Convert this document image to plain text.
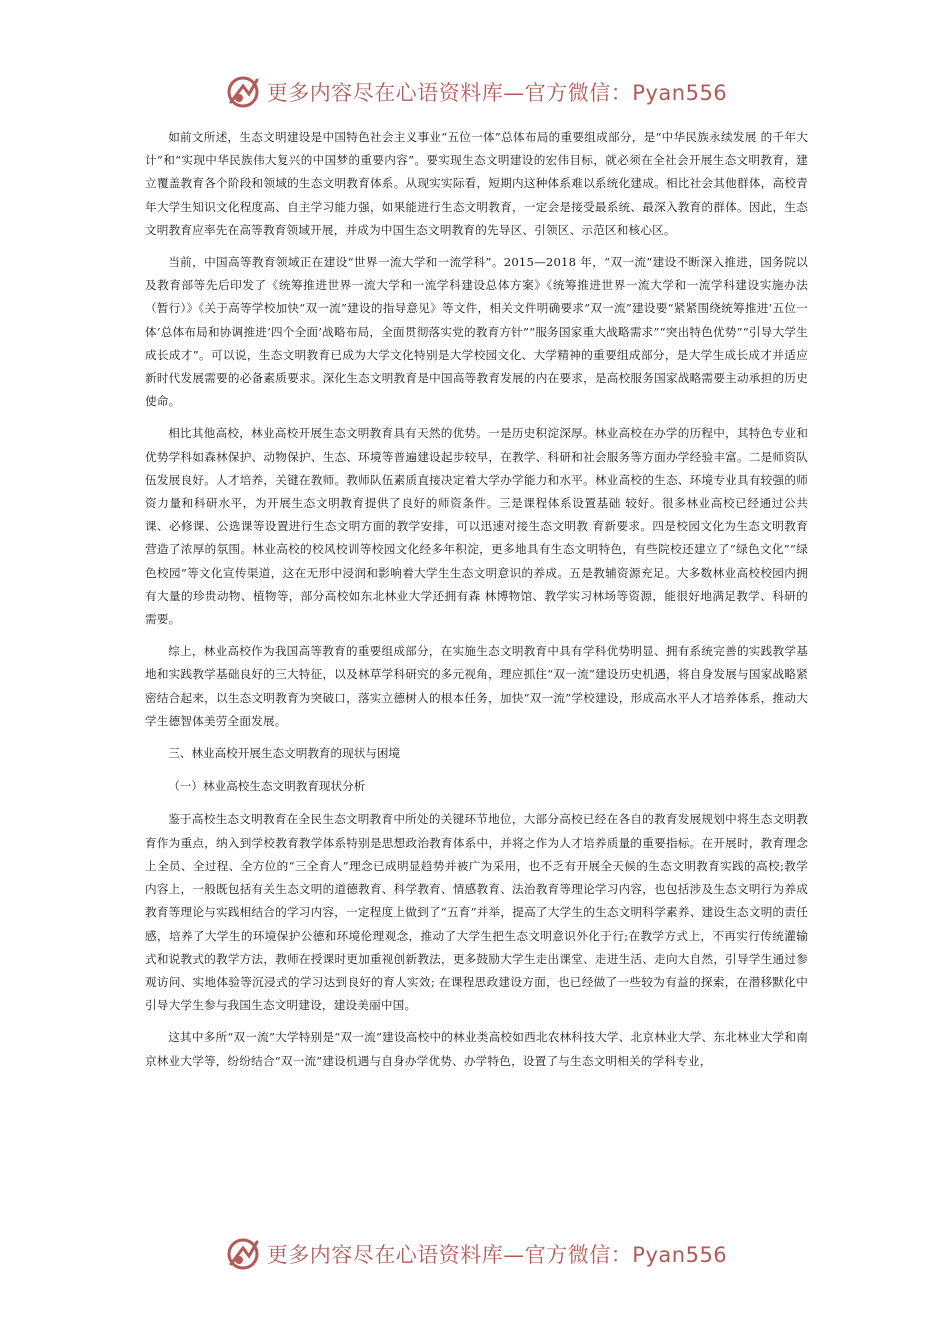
更多内容尽在心语资料库—官方微信：Pyan556

如前文所述，生态文明建设是中国特色社会主义事业“五位一体”总体布局的重要组成部分，是“中华民族永续发展 的千年大计”和“实现中华民族伟大复兴的中国梦的重要内容”。要实现生态文明建设的宏伟目标，就必须在全社会开展生态文明教育，建立覆盖教育各个阶段和领域的生态文明教育体系。从现实实际看，短期内这种体系难以系统化建成。相比社会其他群体，高校青年大学生知识文化程度高、自主学习能力强，如果能进行生态文明教育，一定会是接受最系统、最深入教育的群体。因此，生态文明教育应率先在高等教育领域开展，并成为中国生态文明教育的先导区、引领区、示范区和核心区。

当前，中国高等教育领域正在建设“世界一流大学和一流学科”。2015—2018 年，“双一流”建设不断深入推进，国务院以及教育部等先后印发了《统筹推进世界一流大学和一流学科建设总体方案》《统筹推进世界一流大学和一流学科建设实施办法（暂行）》《关于高等学校加快“双一流”建设的指导意见》等文件，相关文件明确要求“双一流”建设要“紧紧围绕统筹推进‘五位一体’总体布局和协调推进‘四个全面’战略布局，全面贯彻落实党的教育方针”“服务国家重大战略需求”“突出特色优势”“引导大学生成长成才”。可以说，生态文明教育已成为大学文化特别是大学校园文化、大学精神的重要组成部分，是大学生成长成才并适应新时代发展需要的必备素质要求。深化生态文明教育是中国高等教育发展的内在要求，是高校服务国家战略需要主动承担的历史使命。

相比其他高校，林业高校开展生态文明教育具有天然的优势。一是历史积淀深厚。林业高校在办学的历程中，其特色专业和优势学科如森林保护、动物保护、生态、环境等普遍建设起步较早，在教学、科研和社会服务等方面办学经验丰富。二是师资队伍发展良好。人才培养，关键在教师。教师队伍素质直接决定着大学办学能力和水平。林业高校的生态、环境专业具有较强的师资力量和科研水平，为开展生态文明教育提供了良好的师资条件。三是课程体系设置基础 较好。很多林业高校已经通过公共课、必修课、公选课等设置进行生态文明方面的教学安排，可以迅速对接生态文明教 育新要求。四是校园文化为生态文明教育营造了浓厚的氛围。林业高校的校风校训等校园文化经多年积淀，更多地具有生态文明特色，有些院校还建立了“绿色文化”“绿色校园”等文化宣传渠道，这在无形中浸润和影响着大学生生态文明意识的养成。五是教辅资源充足。大多数林业高校校园内拥有大量的珍贵动物、植物等，部分高校如东北林业大学还拥有森 林博物馆、教学实习林场等资源，能很好地满足教学、科研的需要。

综上，林业高校作为我国高等教育的重要组成部分，在实施生态文明教育中具有学科优势明显、拥有系统完善的实践教学基地和实践教学基础良好的三大特征，以及林草学科研究的多元视角，理应抓住“双一流”建设历史机遇，将自身发展与国家战略紧密结合起来，以生态文明教育为突破口，落实立德树人的根本任务，加快“双一流”学校建设，形成高水平人才培养体系，推动大学生德智体美劳全面发展。

三、林业高校开展生态文明教育的现状与困境

（一）林业高校生态文明教育现状分析

鉴于高校生态文明教育在全民生态文明教育中所处的关键环节地位，大部分高校已经在各自的教育发展规划中将生态文明教育作为重点，纳入到学校教育教学体系特别是思想政治教育体系中，并将之作为人才培养质量的重要指标。在开展时，教育理念上全员、全过程、全方位的“三全育人”理念已成明显趋势并被广为采用，也不乏有开展全天候的生态文明教育实践的高校;教学内容上，一般既包括有关生态文明的道德教育、科学教育、情感教育、法治教育等理论学习内容，也包括涉及生态文明行为养成教育等理论与实践相结合的学习内容，一定程度上做到了“五育”并举，提高了大学生的生态文明科学素养、建设生态文明的责任感，培养了大学生的环境保护公德和环境伦理观念，推动了大学生把生态文明意识外化于行;在教学方式上，不再实行传统灌输式和说教式的教学方法，教师在授课时更加重视创新教法，更多鼓励大学生走出课堂、走进生活、走向大自然，引导学生通过参观访问、实地体验等沉浸式的学习达到良好的育人实效; 在课程思政建设方面，也已经做了一些较为有益的探索，在潜移默化中引导大学生参与我国生态文明建设，建设美丽中国。

这其中多所“双一流”大学特别是“双一流”建设高校中的林业类高校如西北农林科技大学、北京林业大学、东北林业大学和南京林业大学等，纷纷结合“双一流”建设机遇与自身办学优势、办学特色，设置了与生态文明相关的学科专业，

更多内容尽在心语资料库—官方微信：Pyan556
